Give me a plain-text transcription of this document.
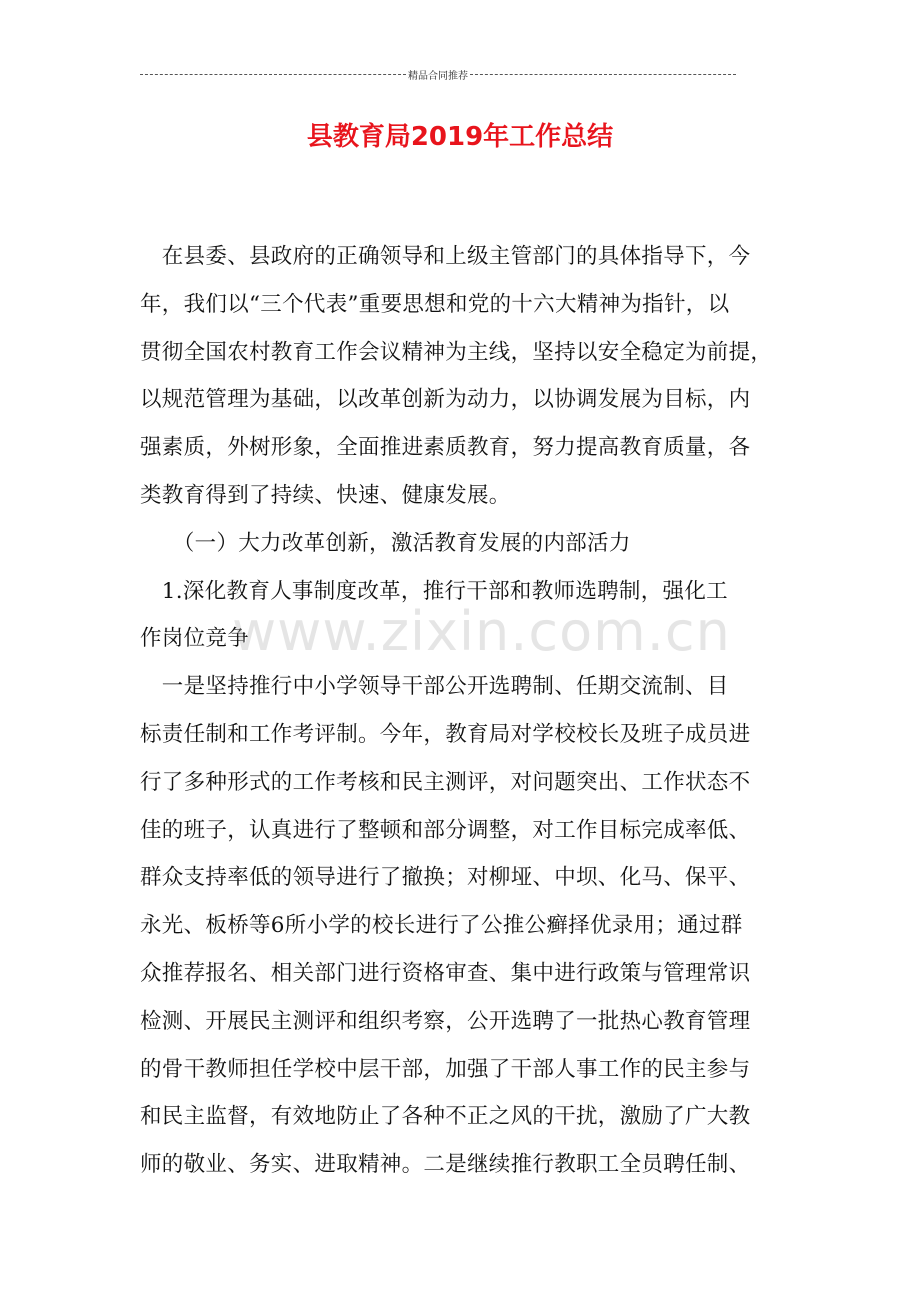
精品合同推荐
县教育局2019年工作总结
　在县委、县政府的正确领导和上级主管部门的具体指导下，今
年，我们以“三个代表”重要思想和党的十六大精神为指针，以
贯彻全国农村教育工作会议精神为主线，坚持以安全稳定为前提，
以规范管理为基础，以改革创新为动力，以协调发展为目标，内
强素质，外树形象，全面推进素质教育，努力提高教育质量，各
类教育得到了持续、快速、健康发展。
　　（一）大力改革创新，激活教育发展的内部活力
　1.深化教育人事制度改革，推行干部和教师选聘制，强化工
作岗位竞争
　一是坚持推行中小学领导干部公开选聘制、任期交流制、目
标责任制和工作考评制。今年，教育局对学校校长及班子成员进
行了多种形式的工作考核和民主测评，对问题突出、工作状态不
佳的班子，认真进行了整顿和部分调整，对工作目标完成率低、
群众支持率低的领导进行了撤换；对柳垭、中坝、化马、保平、
永光、板桥等6所小学的校长进行了公推公癣择优录用；通过群
众推荐报名、相关部门进行资格审查、集中进行政策与管理常识
检测、开展民主测评和组织考察，公开选聘了一批热心教育管理
的骨干教师担任学校中层干部，加强了干部人事工作的民主参与
和民主监督，有效地防止了各种不正之风的干扰，激励了广大教
师的敬业、务实、进取精神。二是继续推行教职工全员聘任制、
www.zixin.com.cn
